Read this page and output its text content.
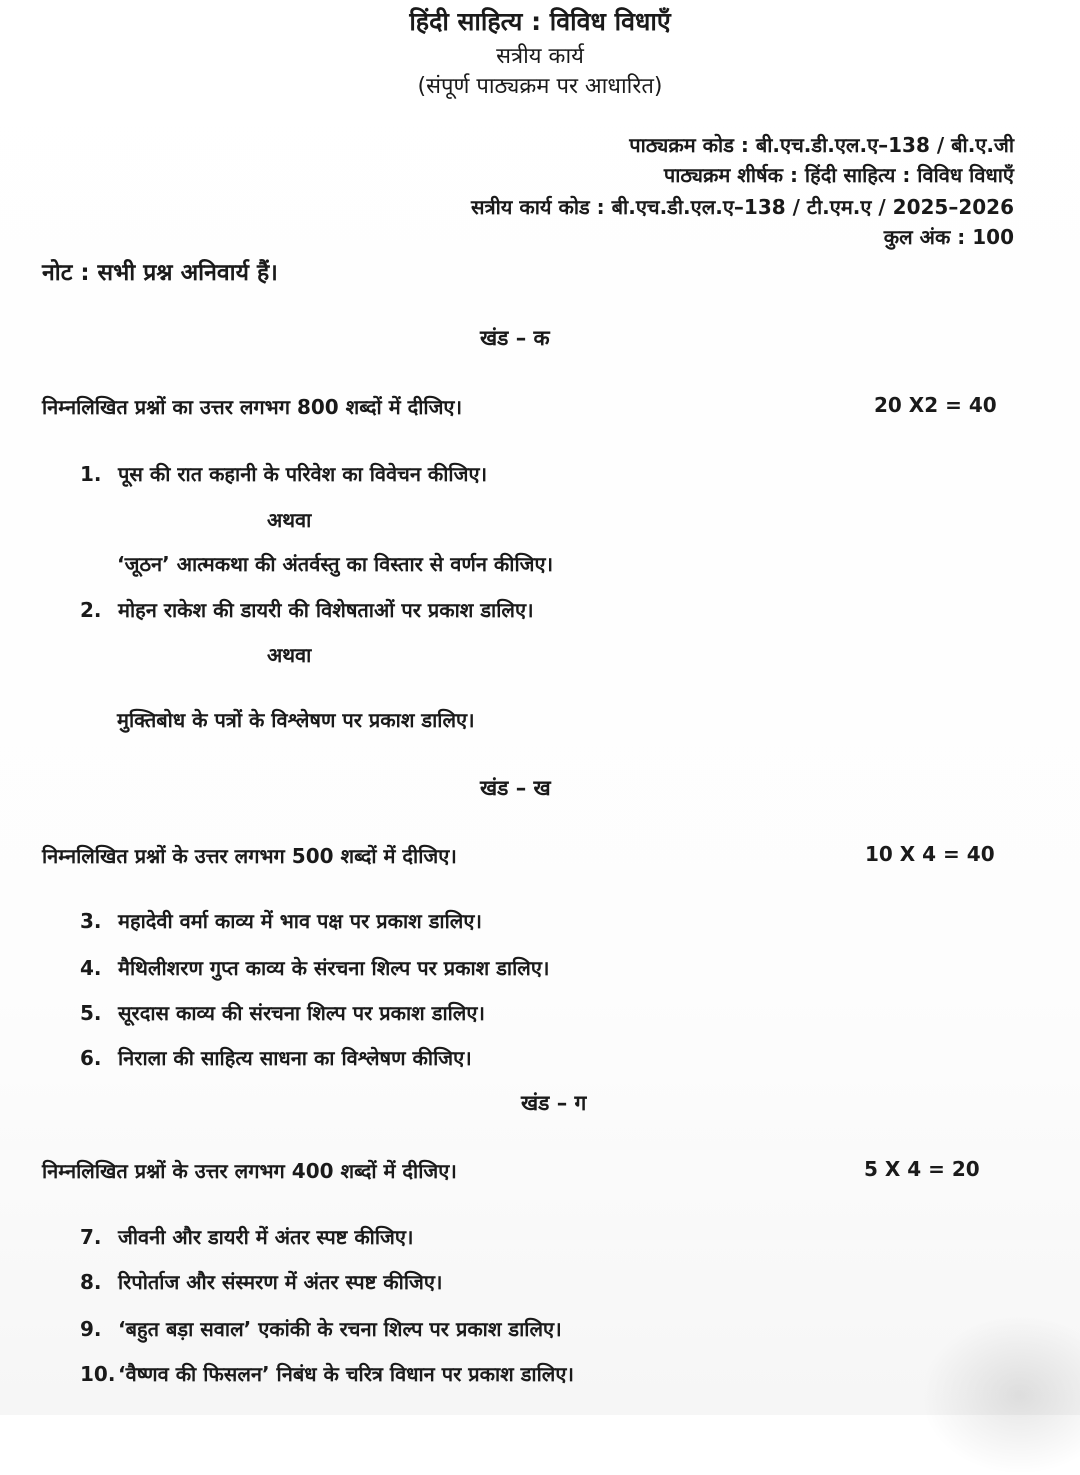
हिंदी साहित्य : विविध विधाएँ
सत्रीय कार्य
(संपूर्ण पाठ्यक्रम पर आधारित)
पाठ्यक्रम कोड : बी.एच.डी.एल.ए–138 / बी.ए.जी
पाठ्यक्रम शीर्षक : हिंदी साहित्य : विविध विधाएँ
सत्रीय कार्य कोड : बी.एच.डी.एल.ए–138 / टी.एम.ए / 2025–2026
कुल अंक : 100
नोट : सभी प्रश्न अनिवार्य हैं।
खंड – क
निम्नलिखित प्रश्नों का उत्तर लगभग 800 शब्दों में दीजिए।	20 X2 = 40
1. पूस की रात कहानी के परिवेश का विवेचन कीजिए।
अथवा
‘जूठन’ आत्मकथा की अंतर्वस्तु का विस्तार से वर्णन कीजिए।
2. मोहन राकेश की डायरी की विशेषताओं पर प्रकाश डालिए।
अथवा
मुक्तिबोध के पत्रों के विश्लेषण पर प्रकाश डालिए।
खंड – ख
निम्नलिखित प्रश्नों के उत्तर लगभग 500 शब्दों में दीजिए।	10 X 4 = 40
3. महादेवी वर्मा काव्य में भाव पक्ष पर प्रकाश डालिए।
4. मैथिलीशरण गुप्त काव्य के संरचना शिल्प पर प्रकाश डालिए।
5. सूरदास काव्य की संरचना शिल्प पर प्रकाश डालिए।
6. निराला की साहित्य साधना का विश्लेषण कीजिए।
खंड – ग
निम्नलिखित प्रश्नों के उत्तर लगभग 400 शब्दों में दीजिए।	5 X 4 = 20
7. जीवनी और डायरी में अंतर स्पष्ट कीजिए।
8. रिपोर्ताज और संस्मरण में अंतर स्पष्ट कीजिए।
9. ‘बहुत बड़ा सवाल’ एकांकी के रचना शिल्प पर प्रकाश डालिए।
10. ‘वैष्णव की फिसलन’ निबंध के चरित्र विधान पर प्रकाश डालिए।
